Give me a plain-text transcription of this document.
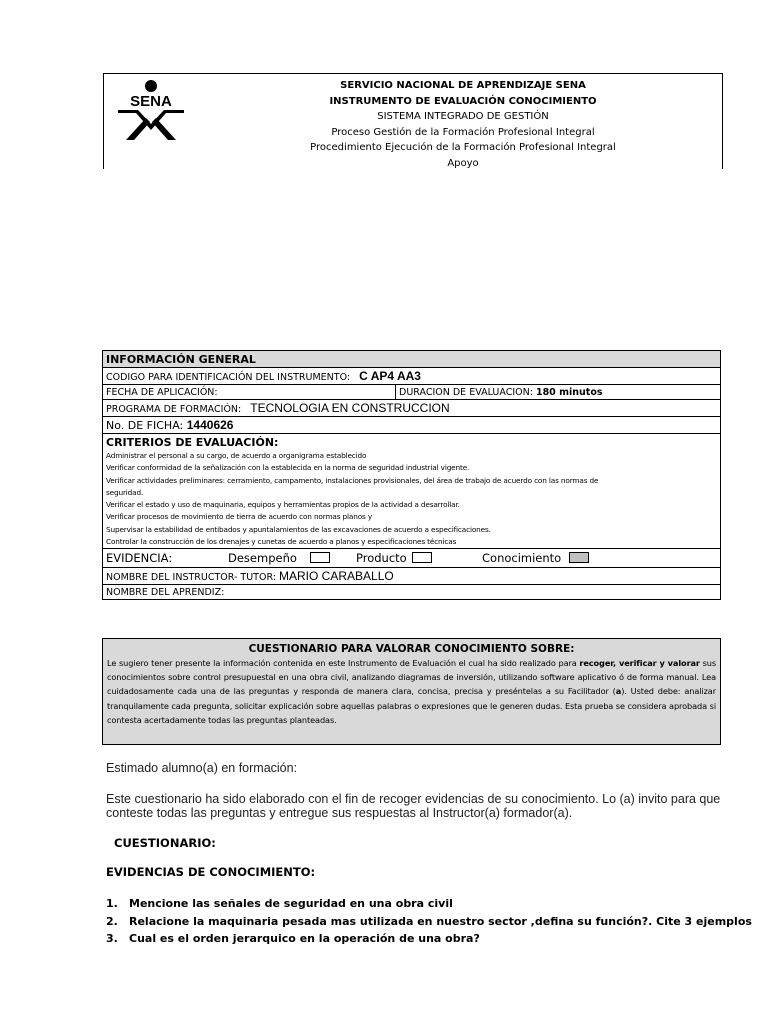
SENA
SERVICIO NACIONAL DE APRENDIZAJE SENA
INSTRUMENTO DE EVALUACIÓN CONOCIMIENTO
SISTEMA INTEGRADO DE GESTIÓN
Proceso Gestión de la Formación Profesional Integral
Procedimiento Ejecución de la Formación Profesional Integral
Apoyo
INFORMACIÓN GENERAL
CODIGO PARA IDENTIFICACIÓN DEL INSTRUMENTO: C AP4 AA3
FECHA DE APLICACIÓN:	DURACION DE EVALUACION: 180 minutos
PROGRAMA DE FORMACIÓN: TECNOLOGIA EN CONSTRUCCION
No. DE FICHA: 1440626

CRITERIOS DE EVALUACIÓN:
Administrar el personal a su cargo, de acuerdo a organigrama establecido
Verificar conformidad de la señalización con la establecida en la norma de seguridad industrial vigente.
Verificar actividades preliminares: cerramiento, campamento, instalaciones provisionales, del área de trabajo de acuerdo con las normas de
seguridad.
Verificar el estado y uso de maquinaria, equipos y herramientas propios de la actividad a desarrollar.
Verificar procesos de movimiento de tierra de acuerdo con normas planos y
Supervisar la estabilidad de entibados y apuntalamientos de las excavaciones de acuerdo a especificaciones.
Controlar la construcción de los drenajes y cunetas de acuerdo a planos y especificaciones técnicas

EVIDENCIA:	Desempeño	Producto	Conocimiento

NOMBRE DEL INSTRUCTOR- TUTOR: MARIO CARABALLO
NOMBRE DEL APRENDIZ:
CUESTIONARIO PARA VALORAR CONOCIMIENTO SOBRE:
Le sugiero tener presente la información contenida en este Instrumento de Evaluación el cual ha sido realizado para recoger, verificar y valorar sus conocimientos sobre control presupuestal en una obra civil, analizando diagramas de inversión, utilizando software aplicativo ó de forma manual. Lea cuidadosamente cada una de las preguntas y responda de manera clara, concisa, precisa y preséntelas a su Facilitador (a). Usted debe: analizar tranquilamente cada pregunta, solicitar explicación sobre aquellas palabras o expresiones que le generen dudas. Esta prueba se considera aprobada si contesta acertadamente todas las preguntas planteadas.
Estimado alumno(a) en formación:
Este cuestionario ha sido elaborado con el fin de recoger evidencias de su conocimiento. Lo (a) invito para que
conteste todas las preguntas y entregue sus respuestas al Instructor(a) formador(a).
CUESTIONARIO:
EVIDENCIAS DE CONOCIMIENTO:
1. Mencione las señales de seguridad en una obra civil
2. Relacione la maquinaria pesada mas utilizada en nuestro sector ,defina su función?. Cite 3 ejemplos
3. Cual es el orden jerarquico en la operación de una obra?
